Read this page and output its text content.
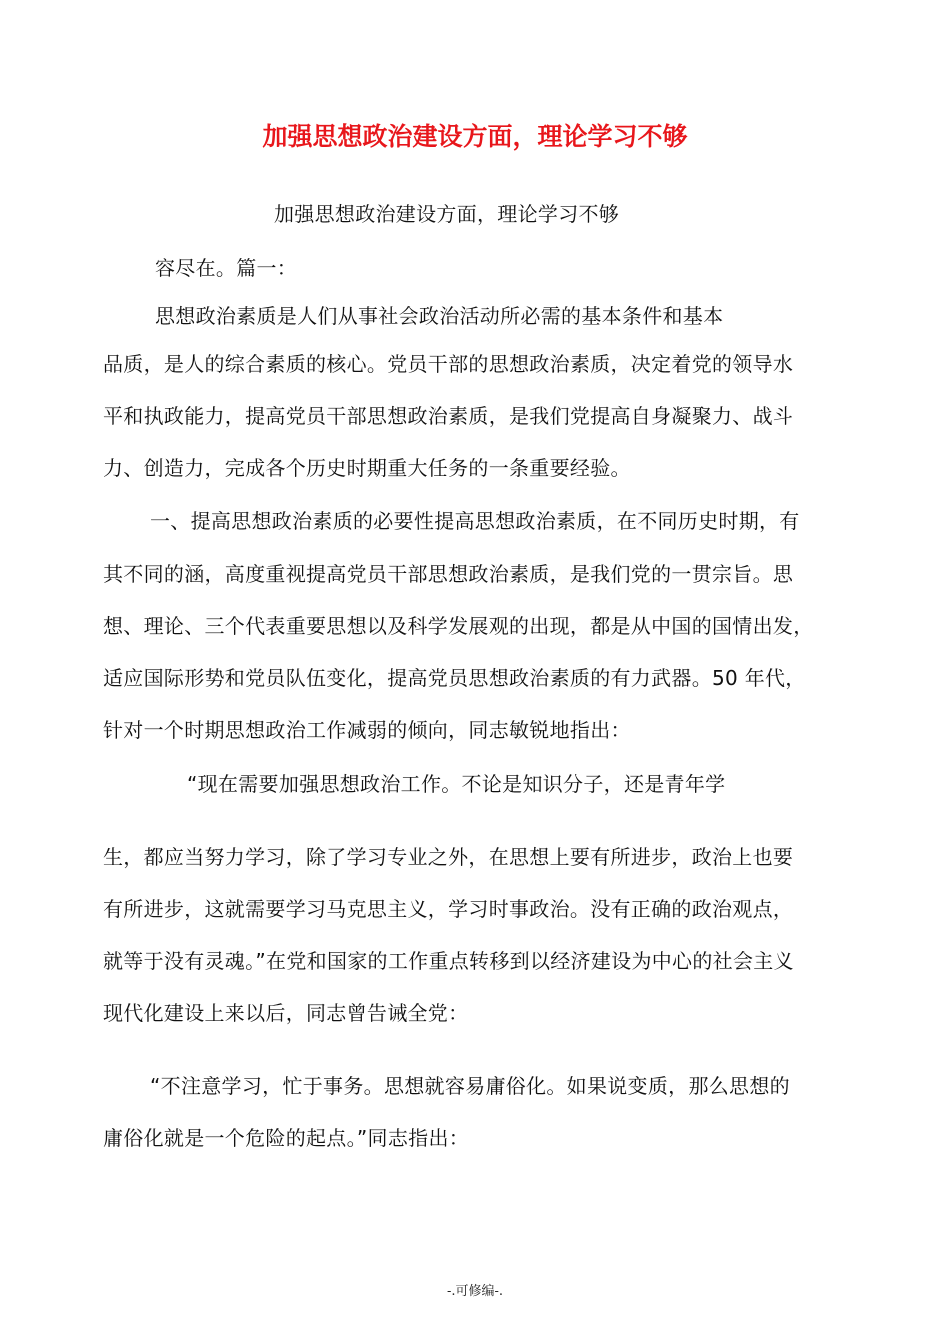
加强思想政治建设方面，理论学习不够
加强思想政治建设方面，理论学习不够
容尽在。篇一：
思想政治素质是人们从事社会政治活动所必需的基本条件和基本
品质，是人的综合素质的核心。党员干部的思想政治素质，决定着党的领导水
平和执政能力，提高党员干部思想政治素质，是我们党提高自身凝聚力、战斗
力、创造力，完成各个历史时期重大任务的一条重要经验。
一、提高思想政治素质的必要性提高思想政治素质，在不同历史时期，有
其不同的涵，高度重视提高党员干部思想政治素质，是我们党的一贯宗旨。思
想、理论、三个代表重要思想以及科学发展观的出现，都是从中国的国情出发，
适应国际形势和党员队伍变化，提高党员思想政治素质的有力武器。50 年代，
针对一个时期思想政治工作减弱的倾向，同志敏锐地指出：
“现在需要加强思想政治工作。不论是知识分子，还是青年学
生，都应当努力学习，除了学习专业之外，在思想上要有所进步，政治上也要
有所进步，这就需要学习马克思主义，学习时事政治。没有正确的政治观点，
就等于没有灵魂。”在党和国家的工作重点转移到以经济建设为中心的社会主义
现代化建设上来以后，同志曾告诫全党：
“不注意学习，忙于事务。思想就容易庸俗化。如果说变质，那么思想的
庸俗化就是一个危险的起点。”同志指出：
-.可修编-.
